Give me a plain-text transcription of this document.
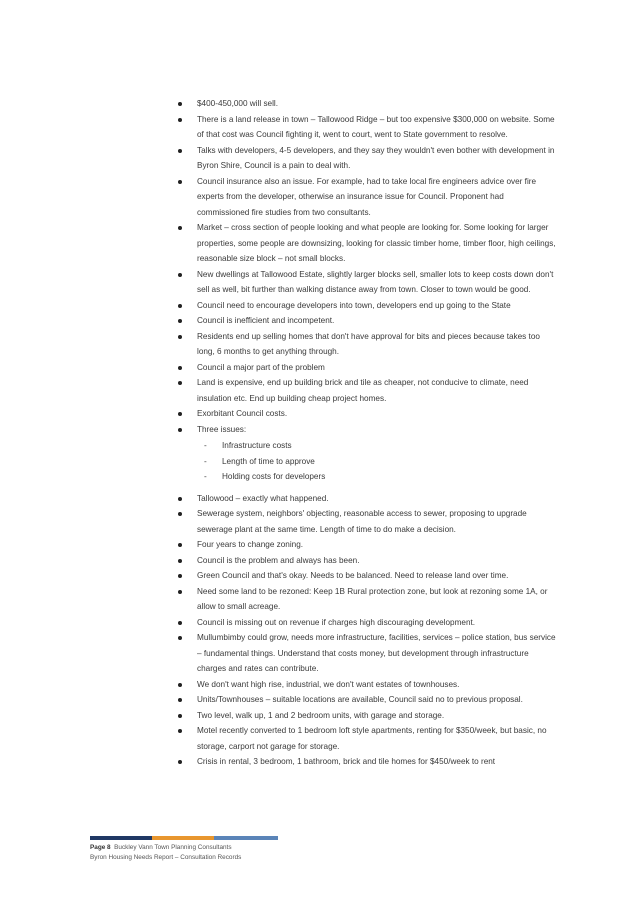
$400-450,000 will sell.
There is a land release in town – Tallowood Ridge – but too expensive $300,000 on website. Some of that cost was Council fighting it, went to court, went to State government to resolve.
Talks with developers, 4-5 developers, and they say they wouldn't even bother with development in Byron Shire, Council is a pain to deal with.
Council insurance also an issue. For example, had to take local fire engineers advice over fire experts from the developer, otherwise an insurance issue for Council. Proponent had commissioned fire studies from two consultants.
Market – cross section of people looking and what people are looking for. Some looking for larger properties, some people are downsizing, looking for classic timber home, timber floor, high ceilings, reasonable size block – not small blocks.
New dwellings at Tallowood Estate, slightly larger blocks sell, smaller lots to keep costs down don't sell as well, bit further than walking distance away from town. Closer to town would be good.
Council need to encourage developers into town, developers end up going to the State
Council is inefficient and incompetent.
Residents end up selling homes that don't have approval for bits and pieces because takes too long, 6 months to get anything through.
Council a major part of the problem
Land is expensive, end up building brick and tile as cheaper, not conducive to climate, need insulation etc. End up building cheap project homes.
Exorbitant Council costs.
Three issues:
- Infrastructure costs
- Length of time to approve
- Holding costs for developers
Tallowood – exactly what happened.
Sewerage system, neighbors' objecting, reasonable access to sewer, proposing to upgrade sewerage plant at the same time. Length of time to do make a decision.
Four years to change zoning.
Council is the problem and always has been.
Green Council and that's okay. Needs to be balanced. Need to release land over time.
Need some land to be rezoned: Keep 1B Rural protection zone, but look at rezoning some 1A, or allow to small acreage.
Council is missing out on revenue if charges high discouraging development.
Mullumbimby could grow, needs more infrastructure, facilities, services – police station, bus service – fundamental things. Understand that costs money, but development through infrastructure charges and rates can contribute.
We don't want high rise, industrial, we don't want estates of townhouses.
Units/Townhouses – suitable locations are available, Council said no to previous proposal.
Two level, walk up, 1 and 2 bedroom units, with garage and storage.
Motel recently converted to 1 bedroom loft style apartments, renting for $350/week, but basic, no storage, carport not garage for storage.
Crisis in rental, 3 bedroom, 1 bathroom, brick and tile homes for $450/week to rent
Page 8 Buckley Vann Town Planning Consultants
Byron Housing Needs Report – Consultation Records
